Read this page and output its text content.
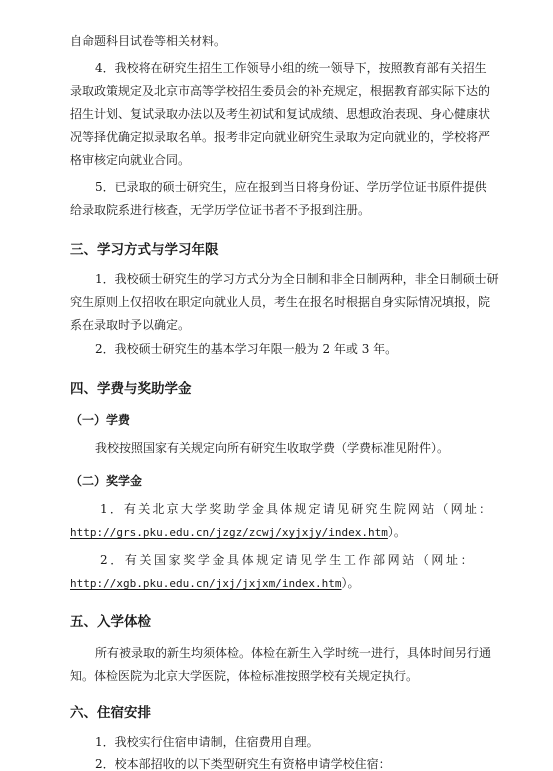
自命题科目试卷等相关材料。
4．我校将在研究生招生工作领导小组的统一领导下，按照教育部有关招生
录取政策规定及北京市高等学校招生委员会的补充规定，根据教育部实际下达的
招生计划、复试录取办法以及考生初试和复试成绩、思想政治表现、身心健康状
况等择优确定拟录取名单。报考非定向就业研究生录取为定向就业的，学校将严
格审核定向就业合同。
5．已录取的硕士研究生，应在报到当日将身份证、学历学位证书原件提供
给录取院系进行核查，无学历学位证书者不予报到注册。
三、学习方式与学习年限
1．我校硕士研究生的学习方式分为全日制和非全日制两种，非全日制硕士研
究生原则上仅招收在职定向就业人员，考生在报名时根据自身实际情况填报，院
系在录取时予以确定。
2．我校硕士研究生的基本学习年限一般为 2 年或 3 年。
四、学费与奖助学金
（一）学费
我校按照国家有关规定向所有研究生收取学费（学费标准见附件）。
（二）奖学金
1．有关北京大学奖助学金具体规定请见研究生院网站（网址：
http://grs.pku.edu.cn/jzgz/zcwj/xyjxjy/index.htm）。
2．有关国家奖学金具体规定请见学生工作部网站（网址：
http://xgb.pku.edu.cn/jxj/jxjxm/index.htm）。
五、入学体检
所有被录取的新生均须体检。体检在新生入学时统一进行，具体时间另行通
知。体检医院为北京大学医院，体检标准按照学校有关规定执行。
六、住宿安排
1．我校实行住宿申请制，住宿费用自理。
2．校本部招收的以下类型研究生有资格申请学校住宿：
